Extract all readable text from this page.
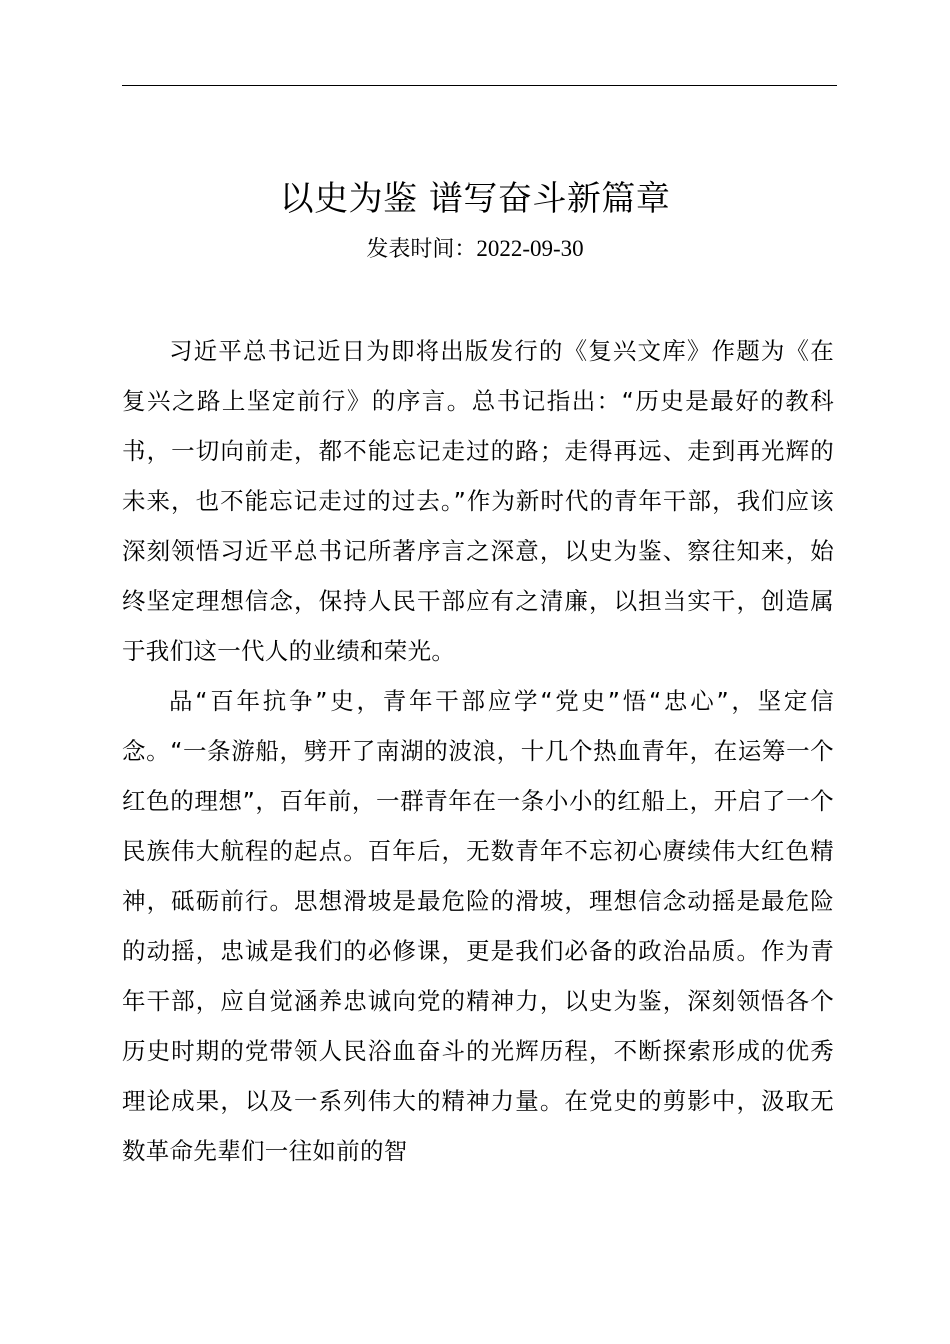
以史为鉴 谱写奋斗新篇章
发表时间：2022-09-30

习近平总书记近日为即将出版发行的《复兴文库》作题为《在复兴之路上坚定前行》的序言。总书记指出：“历史是最好的教科书，一切向前走，都不能忘记走过的路；走得再远、走到再光辉的未来，也不能忘记走过的过去。”作为新时代的青年干部，我们应该深刻领悟习近平总书记所著序言之深意，以史为鉴、察往知来，始终坚定理想信念，保持人民干部应有之清廉，以担当实干，创造属于我们这一代人的业绩和荣光。

品“百年抗争”史，青年干部应学“党史”悟“忠心”，坚定信念。“一条游船，劈开了南湖的波浪，十几个热血青年，在运筹一个红色的理想”，百年前，一群青年在一条小小的红船上，开启了一个民族伟大航程的起点。百年后，无数青年不忘初心赓续伟大红色精神，砥砺前行。思想滑坡是最危险的滑坡，理想信念动摇是最危险的动摇，忠诚是我们的必修课，更是我们必备的政治品质。作为青年干部，应自觉涵养忠诚向党的精神力，以史为鉴，深刻领悟各个历史时期的党带领人民浴血奋斗的光辉历程，不断探索形成的优秀理论成果，以及一系列伟大的精神力量。在党史的剪影中，汲取无数革命先辈们一往如前的智
